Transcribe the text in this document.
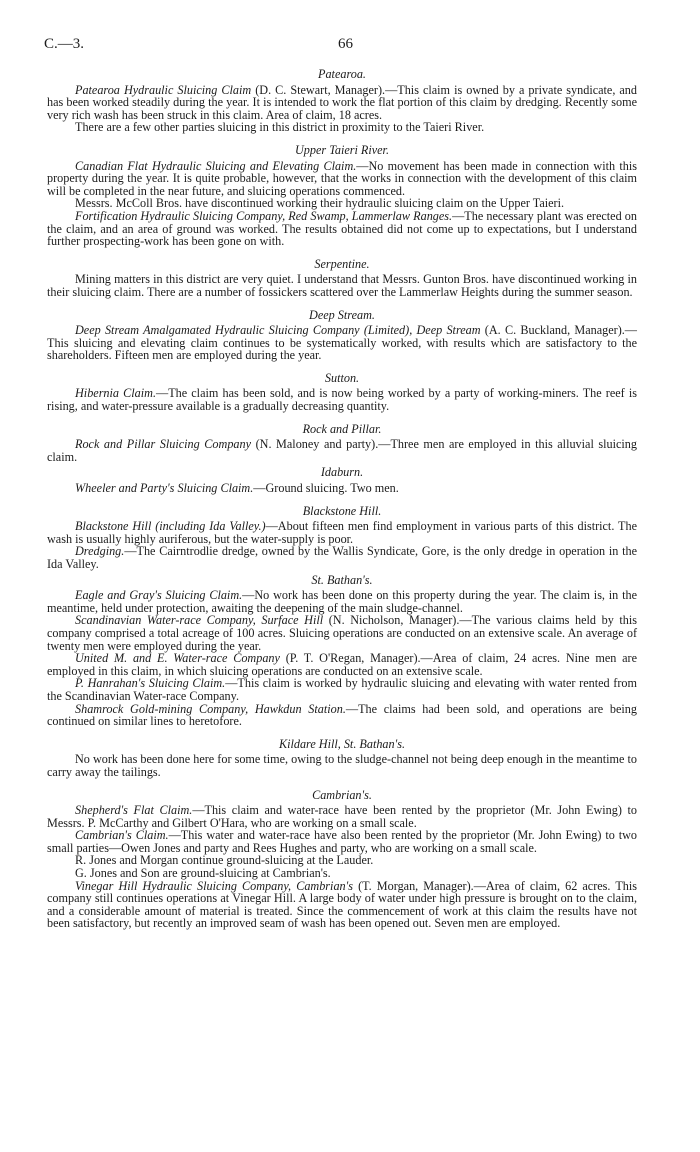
C.—3.	66
Patearoa.

Patearoa Hydraulic Sluicing Claim (D. C. Stewart, Manager).—This claim is owned by a private syndicate, and has been worked steadily during the year. It is intended to work the flat portion of this claim by dredging. Recently some very rich wash has been struck in this claim. Area of claim, 18 acres.

There are a few other parties sluicing in this district in proximity to the Taieri River.

Upper Taieri River.

Canadian Flat Hydraulic Sluicing and Elevating Claim.—No movement has been made in connection with this property during the year. It is quite probable, however, that the works in connection with the development of this claim will be completed in the near future, and sluicing operations commenced.

Messrs. McColl Bros. have discontinued working their hydraulic sluicing claim on the Upper Taieri.

Fortification Hydraulic Sluicing Company, Red Swamp, Lammerlaw Ranges.—The necessary plant was erected on the claim, and an area of ground was worked. The results obtained did not come up to expectations, but I understand further prospecting-work has been gone on with.

Serpentine.

Mining matters in this district are very quiet. I understand that Messrs. Gunton Bros. have discontinued working in their sluicing claim. There are a number of fossickers scattered over the Lammerlaw Heights during the summer season.

Deep Stream.

Deep Stream Amalgamated Hydraulic Sluicing Company (Limited), Deep Stream (A. C. Buckland, Manager).—This sluicing and elevating claim continues to be systematically worked, with results which are satisfactory to the shareholders. Fifteen men are employed during the year.

Sutton.

Hibernia Claim.—The claim has been sold, and is now being worked by a party of working-miners. The reef is rising, and water-pressure available is a gradually decreasing quantity.

Rock and Pillar.

Rock and Pillar Sluicing Company (N. Maloney and party).—Three men are employed in this alluvial sluicing claim.

Idaburn.

Wheeler and Party's Sluicing Claim.—Ground sluicing. Two men.

Blackstone Hill.

Blackstone Hill (including Ida Valley.)—About fifteen men find employment in various parts of this district. The wash is usually highly auriferous, but the water-supply is poor.

Dredging.—The Cairntrodlie dredge, owned by the Wallis Syndicate, Gore, is the only dredge in operation in the Ida Valley.

St. Bathan's.

Eagle and Gray's Sluicing Claim.—No work has been done on this property during the year. The claim is, in the meantime, held under protection, awaiting the deepening of the main sludge-channel.

Scandinavian Water-race Company, Surface Hill (N. Nicholson, Manager).—The various claims held by this company comprised a total acreage of 100 acres. Sluicing operations are conducted on an extensive scale. An average of twenty men were employed during the year.

United M. and E. Water-race Company (P. T. O'Regan, Manager).—Area of claim, 24 acres. Nine men are employed in this claim, in which sluicing operations are conducted on an extensive scale.

P. Hanrahan's Sluicing Claim.—This claim is worked by hydraulic sluicing and elevating with water rented from the Scandinavian Water-race Company.

Shamrock Gold-mining Company, Hawkdun Station.—The claims had been sold, and operations are being continued on similar lines to heretofore.

Kildare Hill, St. Bathan's.

No work has been done here for some time, owing to the sludge-channel not being deep enough in the meantime to carry away the tailings.

Cambrian's.

Shepherd's Flat Claim.—This claim and water-race have been rented by the proprietor (Mr. John Ewing) to Messrs. P. McCarthy and Gilbert O'Hara, who are working on a small scale.

Cambrian's Claim.—This water and water-race have also been rented by the proprietor (Mr. John Ewing) to two small parties—Owen Jones and party and Rees Hughes and party, who are working on a small scale.

R. Jones and Morgan continue ground-sluicing at the Lauder.

G. Jones and Son are ground-sluicing at Cambrian's.

Vinegar Hill Hydraulic Sluicing Company, Cambrian's (T. Morgan, Manager).—Area of claim, 62 acres. This company still continues operations at Vinegar Hill. A large body of water under high pressure is brought on to the claim, and a considerable amount of material is treated. Since the commencement of work at this claim the results have not been satisfactory, but recently an improved seam of wash has been opened out. Seven men are employed.
